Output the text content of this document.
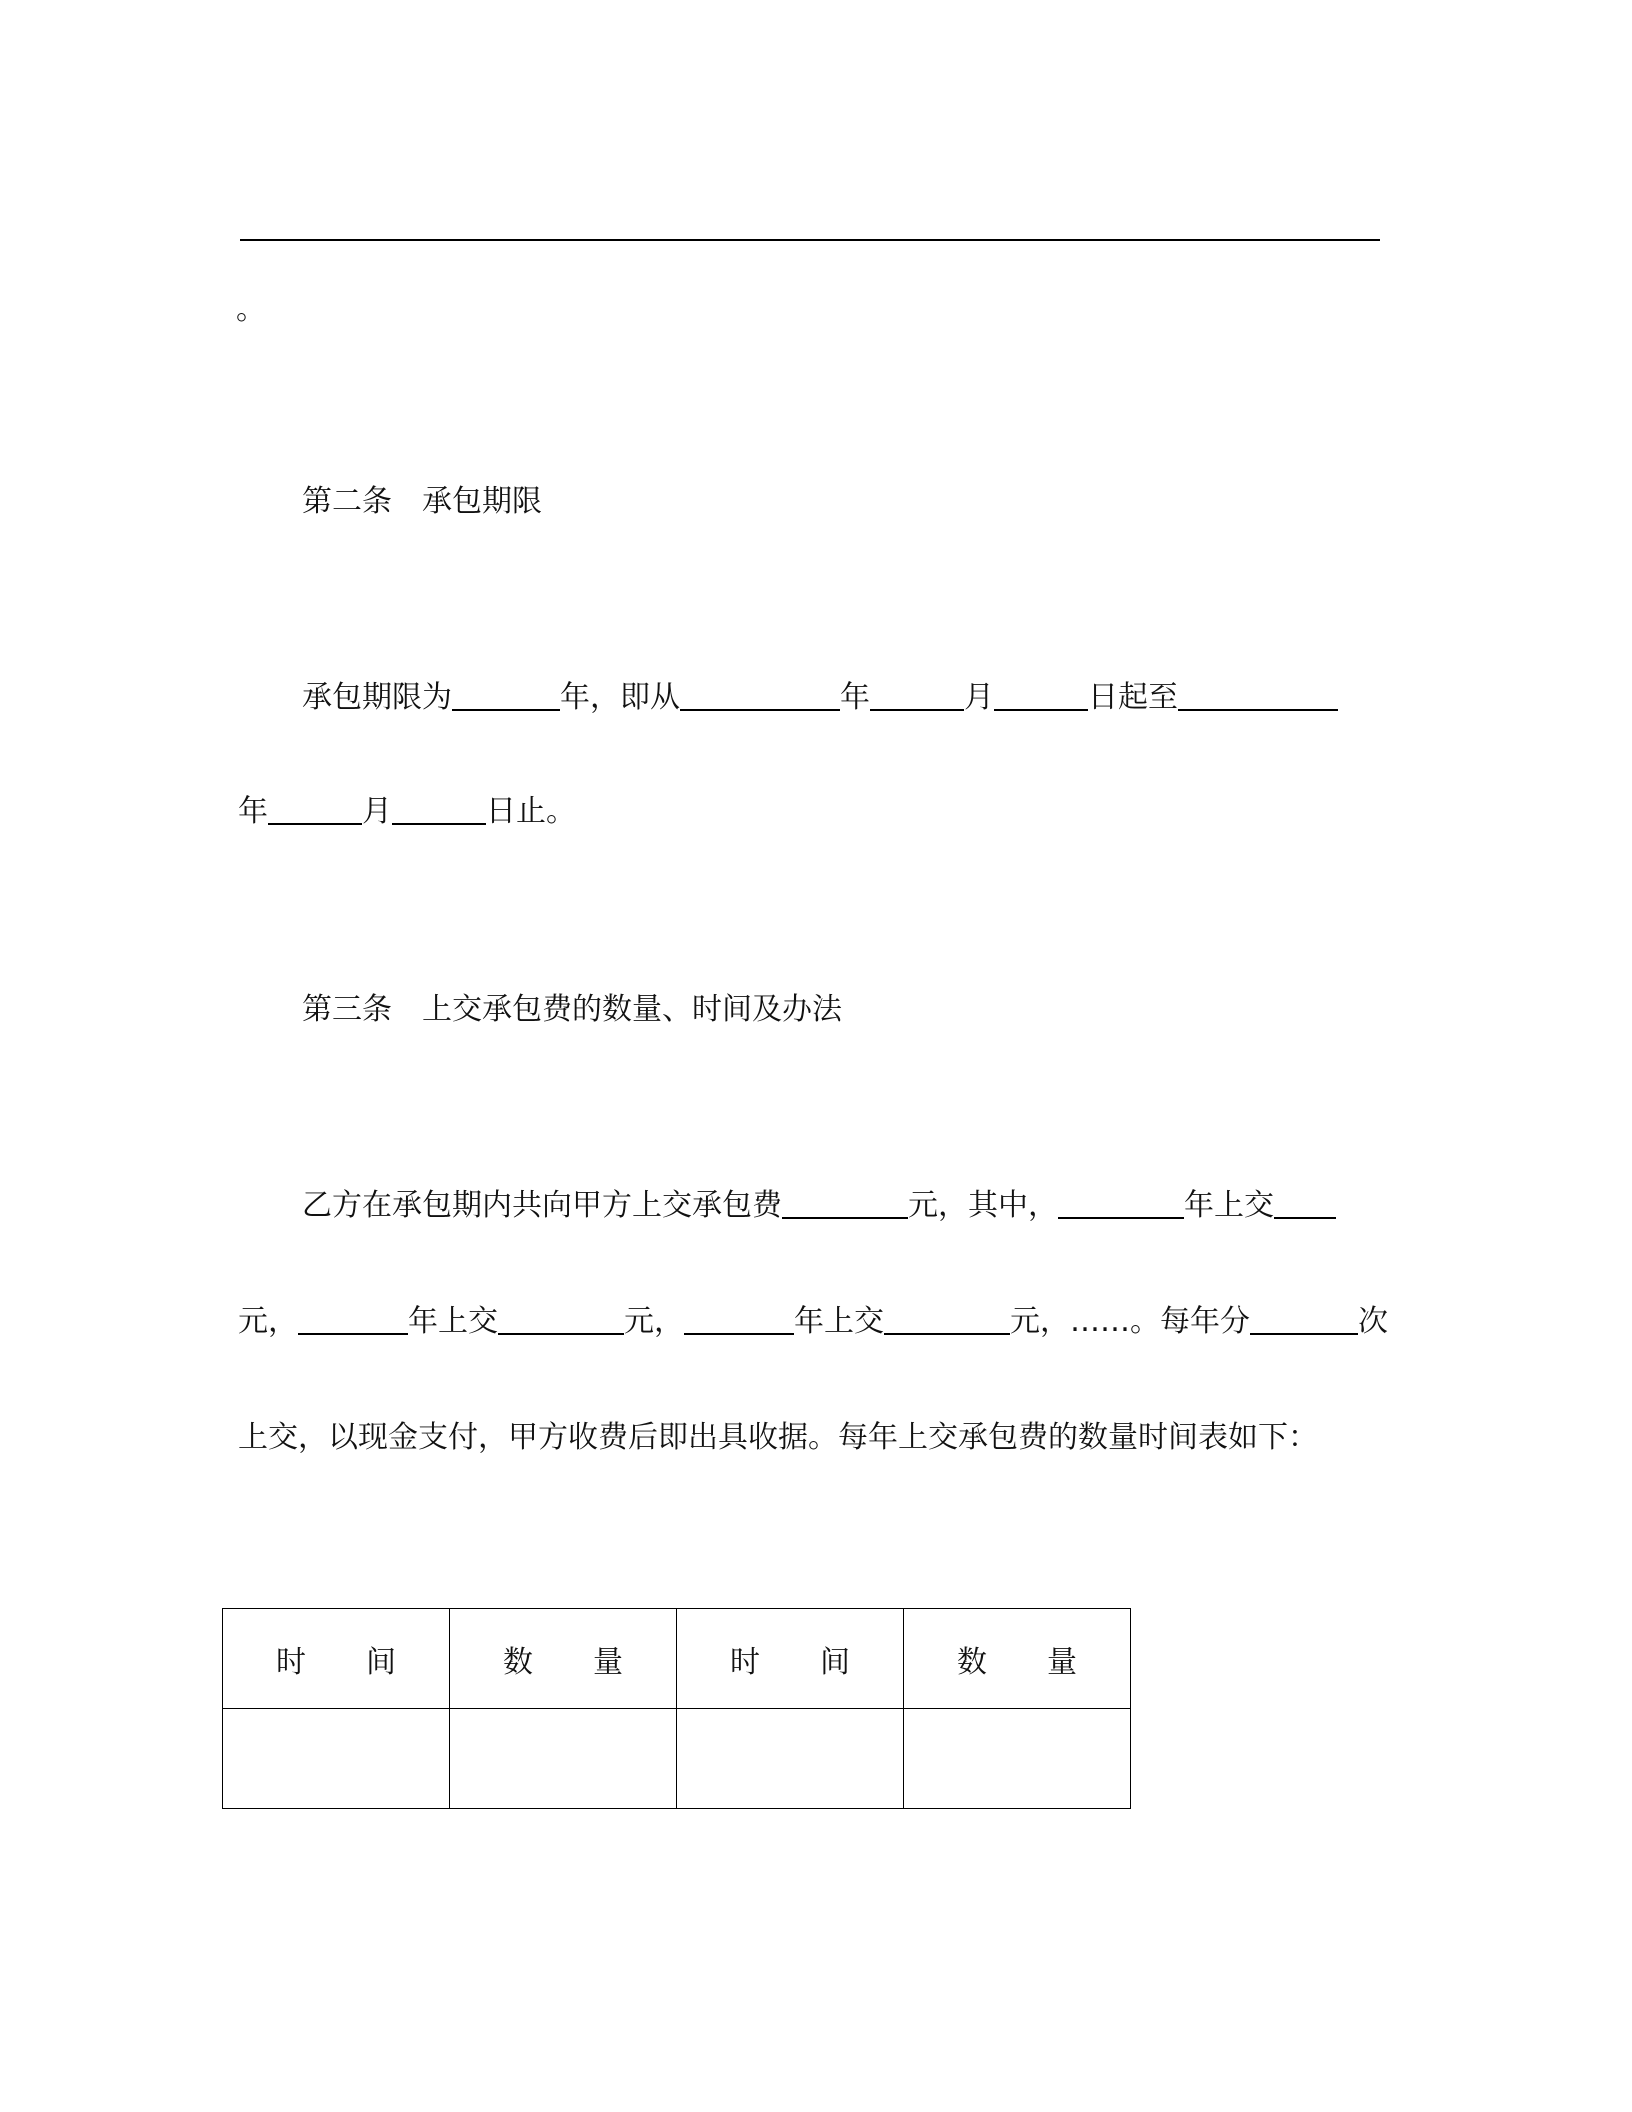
。
第二条　承包期限
承包期限为	年，即从	年	月	日起至
年	月	日止。
第三条　上交承包费的数量、时间及办法
乙方在承包期内共向甲方上交承包费	元，其中，	年上交
元，	年上交	元，	年上交	元，……。每年分	次
上交，以现金支付，甲方收费后即出具收据。每年上交承包费的数量时间表如下：
时　　间	数　　量	时　　间	数　　量
